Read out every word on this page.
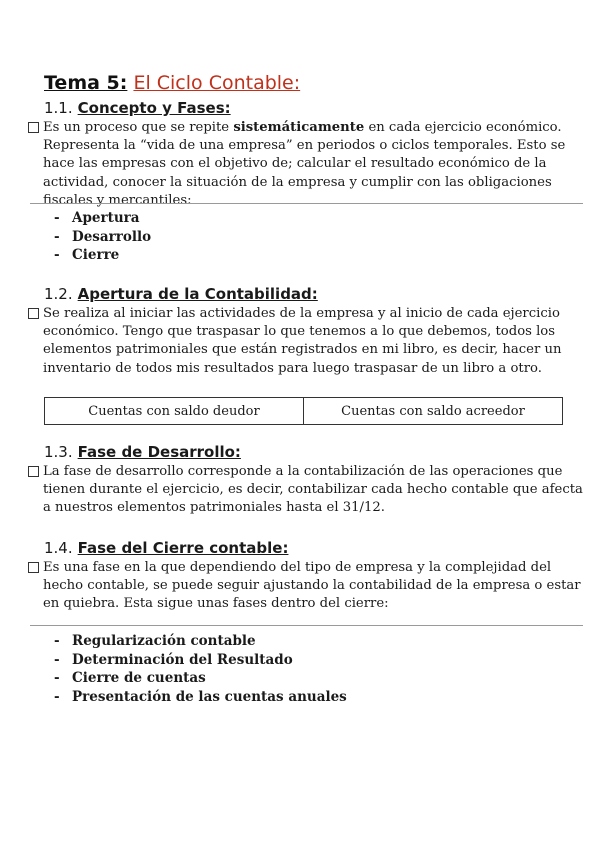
Tema 5: El Ciclo Contable:
1.1. Concepto y Fases:
Es un proceso que se repite sistemáticamente en cada ejercicio económico. Representa la “vida de una empresa” en periodos o ciclos temporales. Esto se hace las empresas con el objetivo de; calcular el resultado económico de la actividad, conocer la situación de la empresa y cumplir con las obligaciones fiscales y mercantiles:
- Apertura
- Desarrollo
- Cierre
1.2. Apertura de la Contabilidad:
Se realiza al iniciar las actividades de la empresa y al inicio de cada ejercicio económico. Tengo que traspasar lo que tenemos a lo que debemos, todos los elementos patrimoniales que están registrados en mi libro, es decir, hacer un inventario de todos mis resultados para luego traspasar de un libro a otro.
Cuentas con saldo deudor	Cuentas con saldo acreedor
1.3. Fase de Desarrollo:
La fase de desarrollo corresponde a la contabilización de las operaciones que tienen durante el ejercicio, es decir, contabilizar cada hecho contable que afecta a nuestros elementos patrimoniales hasta el 31/12.
1.4. Fase del Cierre contable:
Es una fase en la que dependiendo del tipo de empresa y la complejidad del hecho contable, se puede seguir ajustando la contabilidad de la empresa o estar en quiebra. Esta sigue unas fases dentro del cierre:
- Regularización contable
- Determinación del Resultado
- Cierre de cuentas
- Presentación de las cuentas anuales
